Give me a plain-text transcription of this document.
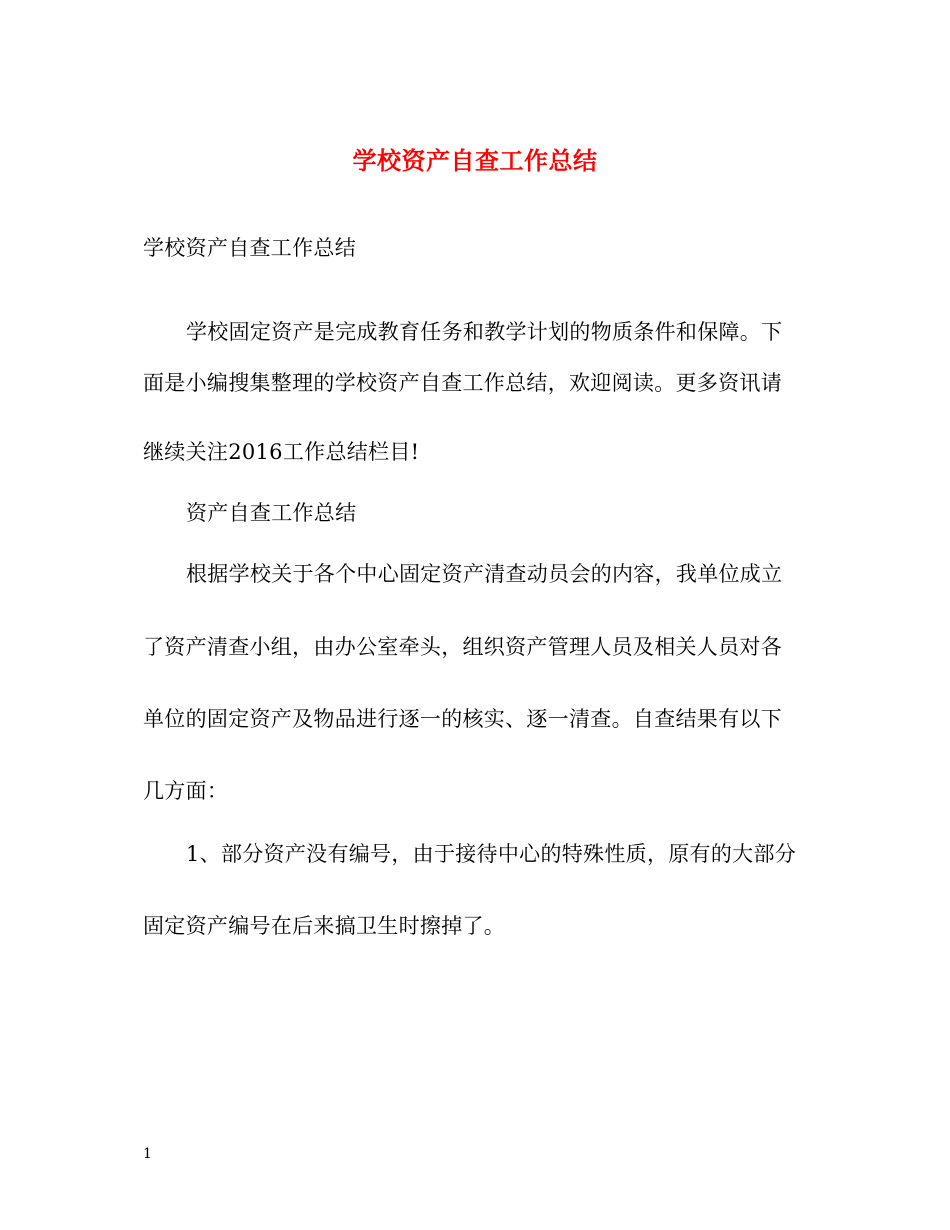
学校资产自查工作总结
学校资产自查工作总结
学校固定资产是完成教育任务和教学计划的物质条件和保障。下
面是小编搜集整理的学校资产自查工作总结，欢迎阅读。更多资讯请
继续关注2016工作总结栏目!
资产自查工作总结
根据学校关于各个中心固定资产清查动员会的内容，我单位成立
了资产清查小组，由办公室牵头，组织资产管理人员及相关人员对各
单位的固定资产及物品进行逐一的核实、逐一清查。自查结果有以下
几方面：
1、部分资产没有编号，由于接待中心的特殊性质，原有的大部分
固定资产编号在后来搞卫生时擦掉了。
1
